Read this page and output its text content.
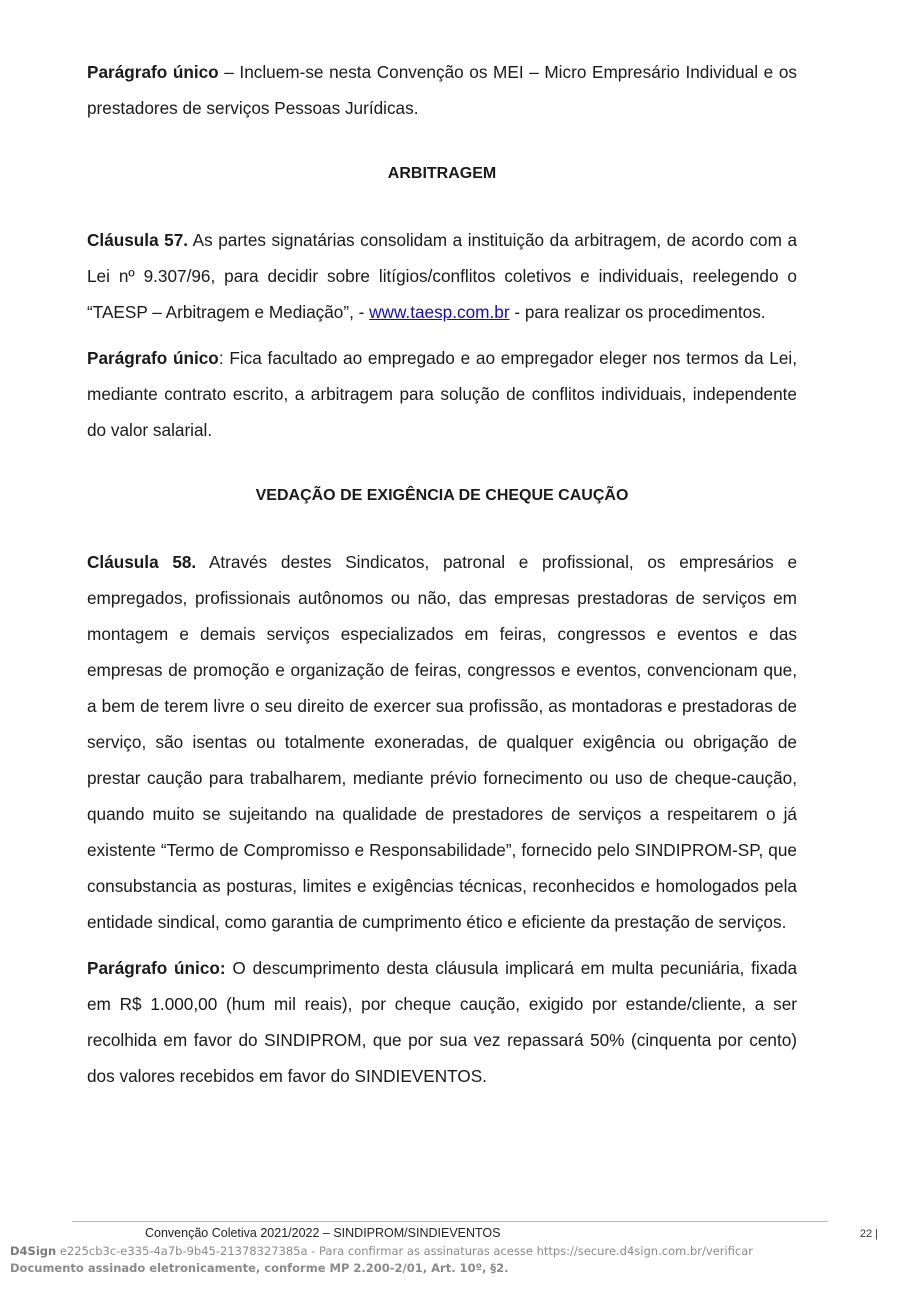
Parágrafo único – Incluem-se nesta Convenção os MEI – Micro Empresário Individual e os prestadores de serviços Pessoas Jurídicas.

ARBITRAGEM

Cláusula 57. As partes signatárias consolidam a instituição da arbitragem, de acordo com a Lei nº 9.307/96, para decidir sobre litígios/conflitos coletivos e individuais, reelegendo o “TAESP – Arbitragem e Mediação”, - www.taesp.com.br - para realizar os procedimentos.

Parágrafo único: Fica facultado ao empregado e ao empregador eleger nos termos da Lei, mediante contrato escrito, a arbitragem para solução de conflitos individuais, independente do valor salarial.

VEDAÇÃO DE EXIGÊNCIA DE CHEQUE CAUÇÃO

Cláusula 58. Através destes Sindicatos, patronal e profissional, os empresários e empregados, profissionais autônomos ou não, das empresas prestadoras de serviços em montagem e demais serviços especializados em feiras, congressos e eventos e das empresas de promoção e organização de feiras, congressos e eventos, convencionam que, a bem de terem livre o seu direito de exercer sua profissão, as montadoras e prestadoras de serviço, são isentas ou totalmente exoneradas, de qualquer exigência ou obrigação de prestar caução para trabalharem, mediante prévio fornecimento ou uso de cheque-caução, quando muito se sujeitando na qualidade de prestadores de serviços a respeitarem o já existente “Termo de Compromisso e Responsabilidade”, fornecido pelo SINDIPROM-SP, que consubstancia as posturas, limites e exigências técnicas, reconhecidos e homologados pela entidade sindical, como garantia de cumprimento ético e eficiente da prestação de serviços.

Parágrafo único: O descumprimento desta cláusula implicará em multa pecuniária, fixada em R$ 1.000,00 (hum mil reais), por cheque caução, exigido por estande/cliente, a ser recolhida em favor do SINDIPROM, que por sua vez repassará 50% (cinquenta por cento) dos valores recebidos em favor do SINDIEVENTOS.

Convenção Coletiva 2021/2022 – SINDIPROM/SINDIEVENTOS	22 |
D4Sign e225cb3c-e335-4a7b-9b45-21378327385a - Para confirmar as assinaturas acesse https://secure.d4sign.com.br/verificar
Documento assinado eletronicamente, conforme MP 2.200-2/01, Art. 10º, §2.
